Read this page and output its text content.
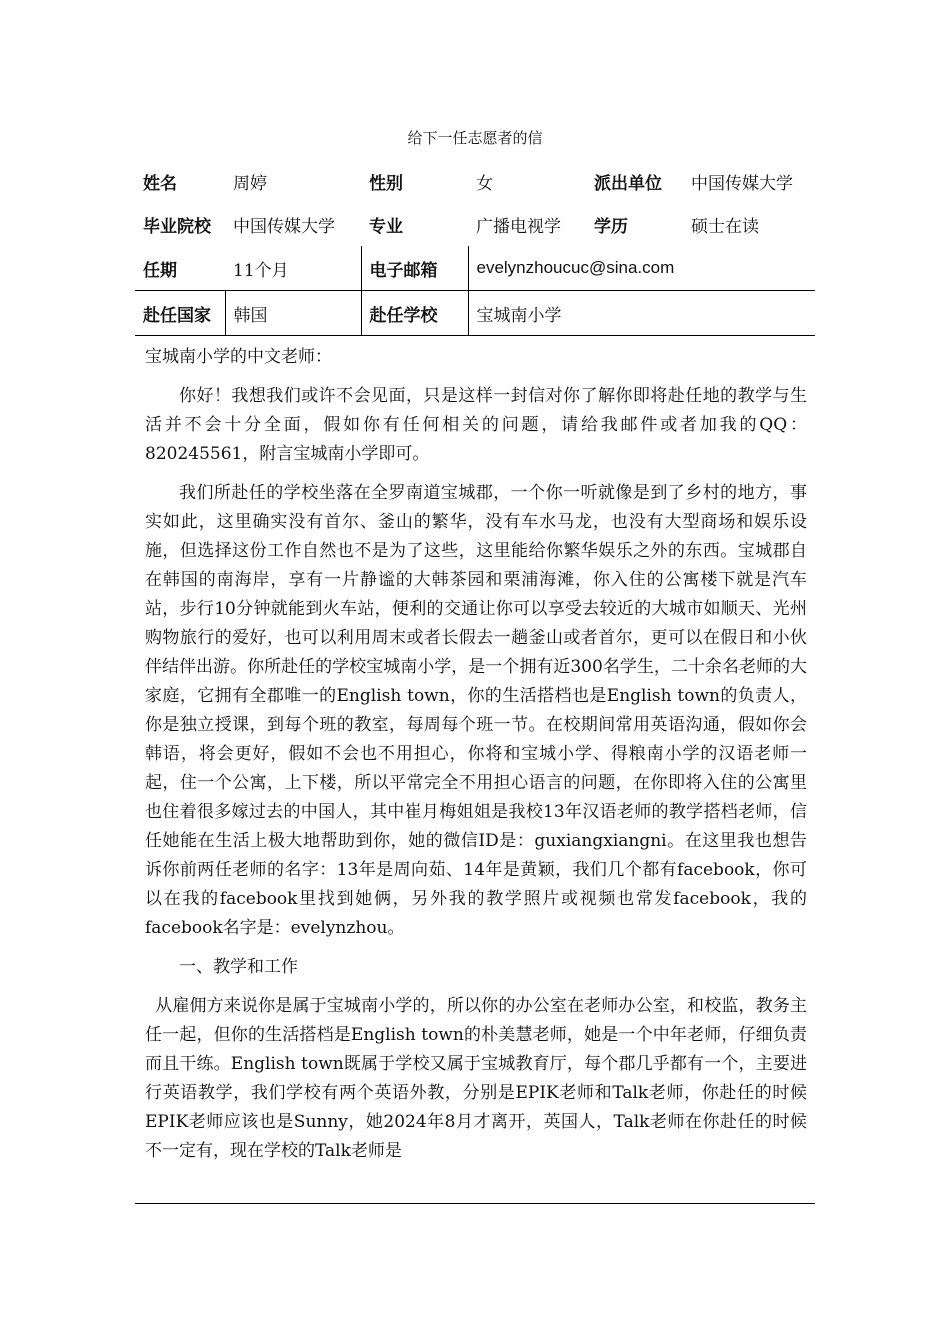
给下一任志愿者的信
姓名	周婷	性别	女	派出单位	中国传媒大学
毕业院校	中国传媒大学	专业	广播电视学	学历	硕士在读
任期	11个月	电子邮箱	evelynzhoucuc@sina.com		
赴任国家	韩国	赴任学校	宝城南小学		

宝城南小学的中文老师：

你好！我想我们或许不会见面，只是这样一封信对你了解你即将赴任地的教学与生活并不会十分全面，假如你有任何相关的问题，请给我邮件或者加我的QQ：820245561，附言宝城南小学即可。

我们所赴任的学校坐落在全罗南道宝城郡，一个你一听就像是到了乡村的地方，事实如此，这里确实没有首尔、釜山的繁华，没有车水马龙，也没有大型商场和娱乐设施，但选择这份工作自然也不是为了这些，这里能给你繁华娱乐之外的东西。宝城郡自在韩国的南海岸，享有一片静谧的大韩茶园和栗浦海滩，你入住的公寓楼下就是汽车站，步行10分钟就能到火车站，便利的交通让你可以享受去较近的大城市如顺天、光州购物旅行的爱好，也可以利用周末或者长假去一趟釜山或者首尔，更可以在假日和小伙伴结伴出游。你所赴任的学校宝城南小学，是一个拥有近300名学生，二十余名老师的大家庭，它拥有全郡唯一的English town，你的生活搭档也是English town的负责人，你是独立授课，到每个班的教室，每周每个班一节。在校期间常用英语沟通，假如你会韩语，将会更好，假如不会也不用担心，你将和宝城小学、得粮南小学的汉语老师一起，住一个公寓，上下楼，所以平常完全不用担心语言的问题，在你即将入住的公寓里也住着很多嫁过去的中国人，其中崔月梅姐姐是我校13年汉语老师的教学搭档老师，信任她能在生活上极大地帮助到你，她的微信ID是：guxiangxiangni。在这里我也想告诉你前两任老师的名字：13年是周向茹、14年是黄颖，我们几个都有facebook，你可以在我的facebook里找到她俩，另外我的教学照片或视频也常发facebook，我的facebook名字是：evelynzhou。

一、教学和工作

从雇佣方来说你是属于宝城南小学的，所以你的办公室在老师办公室，和校监，教务主任一起，但你的生活搭档是English town的朴美慧老师，她是一个中年老师，仔细负责而且干练。English town既属于学校又属于宝城教育厅，每个郡几乎都有一个，主要进行英语教学，我们学校有两个英语外教，分别是EPIK老师和Talk老师，你赴任的时候EPIK老师应该也是Sunny，她2024年8月才离开，英国人，Talk老师在你赴任的时候不一定有，现在学校的Talk老师是
